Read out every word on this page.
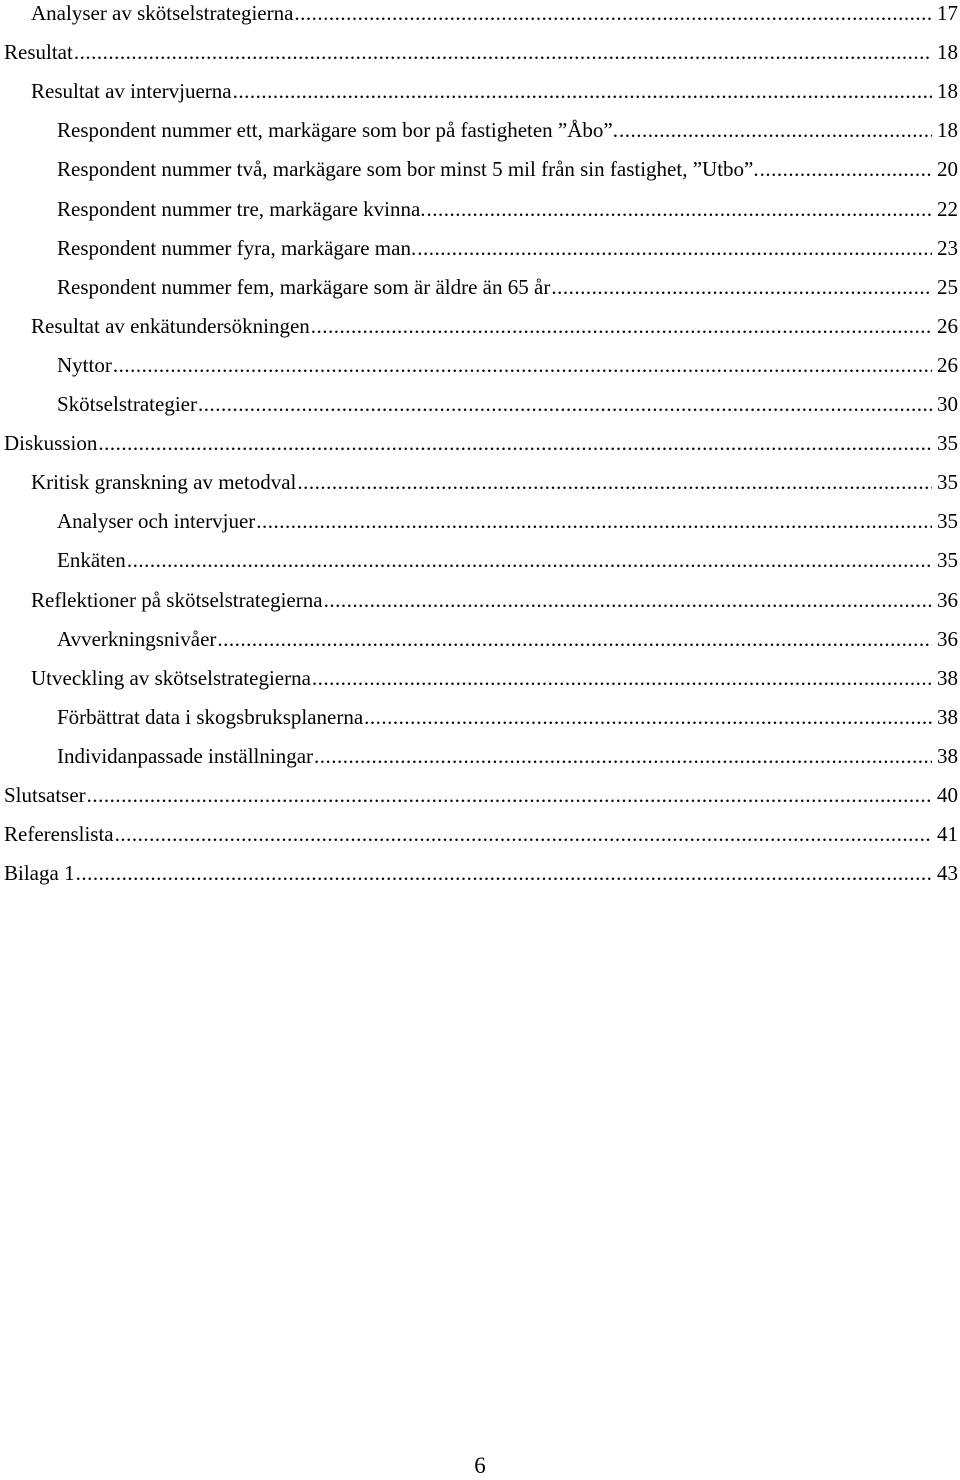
Analyser av skötselstrategierna .....	17
Resultat .....	18
Resultat av intervjuerna .....	18
Respondent nummer ett, markägare som bor på fastigheten ”Åbo”. .....	18
Respondent nummer två, markägare som bor minst 5 mil från sin fastighet, ”Utbo”. .....	20
Respondent nummer tre, markägare kvinna. .....	22
Respondent nummer fyra, markägare man. .....	23
Respondent nummer fem, markägare som är äldre än 65 år .....	25
Resultat av enkätundersökningen .....	26
Nyttor .....	26
Skötselstrategier .....	30
Diskussion .....	35
Kritisk granskning av metodval .....	35
Analyser och intervjuer .....	35
Enkäten .....	35
Reflektioner på skötselstrategierna .....	36
Avverkningsnivåer .....	36
Utveckling av skötselstrategierna .....	38
Förbättrat data i skogsbruksplanerna .....	38
Individanpassade inställningar .....	38
Slutsatser .....	40
Referenslista .....	41
Bilaga 1 .....	43
6
